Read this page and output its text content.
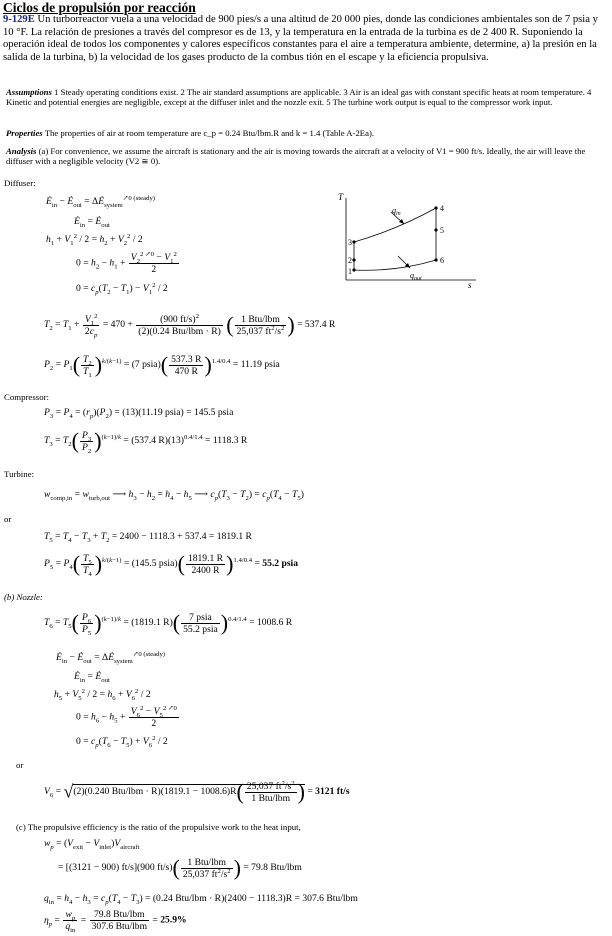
Ciclos de propulsión por reacción
9-129E Un turborreactor vuela a una velocidad de 900 pies/s a una altitud de 20 000 pies, donde las condiciones ambientales son de 7 psia y 10 °F. La relación de presiones a través del compresor es de 13, y la temperatura en la entrada de la turbina es de 2 400 R. Suponiendo la operación ideal de todos los componentes y calores específicos constantes para el aire a temperatura ambiente, determine, a) la presión en la salida de la turbina, b) la velocidad de los gases producto de la combus tión en el escape y la eficiencia propulsiva.
Assumptions 1 Steady operating conditions exist. 2 The air standard assumptions are applicable. 3 Air is an ideal gas with constant specific heats at room temperature. 4 Kinetic and potential energies are negligible, except at the diffuser inlet and the nozzle exit. 5 The turbine work output is equal to the compressor work input.
Properties The properties of air at room temperature are c_p = 0.24 Btu/lbm.R and k = 1.4 (Table A-2Ea).
Analysis (a) For convenience, we assume the aircraft is stationary and the air is moving towards the aircraft at a velocity of V1 = 900 ft/s. Ideally, the air will leave the diffuser with a negligible velocity (V2 ≅ 0).
Diffuser:
$Ė_{in}$ − $Ė_{out}$ = $\Delta Ė_{system}^{↗0 (steady)}$
$Ė_{in}$ = $Ė_{out}$
$h_1 + V_1^2 / 2 = h_2 + V_2^2 / 2$
$0 = h_2 - h_1 + \frac{V_2^{2 ↗0} - V_1^2}{2}$
$0 = c_p(T_2 - T_1) - V_1^2 / 2$
T
s
1
2
3
4
5
6
$q_{in}$
$q_{out}$
$T_2 = T_1 + \frac{V_1^2}{2c_p} = 470 + \frac{(900 ft/s)^2}{\text{(2)(0.24 Btu/lbm · R)}}$ ( $\frac{\text{1 Btu/lbm}}{25,037 ft^2/s^2}$ ) = 537.4 R
$P_2 = P_1( \frac{T_2}{T_1} )^{k/(k-1)} = (7$ psia)( $\frac{537.3 R}{470 R} )^{1.4/0.4} = 11.19$ psia
Compressor:
$P_3 = P_4 = (r_p)(P_2) = (13)(11.19$ psia) = 145.5 psia
$T_3 = T_2( \frac{P_3}{P_2} )^{(k-1)/k} = (537.4$ $R)(13)^{0.4/1.4} = 1118.3$ R
Turbine:
$w_{comp,in} = w_{turb,out}$ ⟶ $h_3 - h_2 = h_4 - h_5$ ⟶ $c_p(T_3 - T_2) = c_p(T_4 - T_5)$
or
$T_5 = T_4 - T_3 + T_2 = 2400 - 1118.3 + 537.4 = 1819.1$ R
$P_5 = P_4( \frac{T_5}{T_4} )^{k/(k-1)} = (145.5$ psia)( $\frac{1819.1 R}{2400 R} )^{1.4/0.4} = 55.2$ psia
(b) Nozzle:
$T_6 = T_5( \frac{P_6}{P_5} )^{(k-1)/k} = (1819.1$ $R)( \frac{\text{7 psia}}{\text{55.2 psia}} )^{0.4/1.4} = 1008.6$ R
$Ė_{in}$ − $Ė_{out}$ = $\Delta Ė_{system}^{↗0 (steady)}$
$Ė_{in}$ = $Ė_{out}$
$h_5 + V_5^2 / 2 = h_6 + V_6^2 / 2$
$0 = h_6 - h_5 + \frac{V_6^2 - V_5^{2 ↗0}}{2}$
$0 = c_p(T_6 - T_5) + V_6^2 / 2$
or
$V_6 = √(2)(0.240$ $Btu/lbm \cdot R)(1819.1 - 1008.6)R( \frac{25,037 ft^2/s^2}{\text{1 Btu/lbm}}$ ) = 3121 ft/s
(c) The propulsive efficiency is the ratio of the propulsive work to the heat input,
$w_p = (V_{exit} - V_{inlet})V_{aircraft}$
= [(3121 − 900) ft/s](900 $ft/s)( \frac{\text{1 Btu/lbm}}{25,037 ft^2/s^2}$ ) = 79.8 Btu/lbm
$q_{in} = h_4 - h_3 = c_p(T_4 - T_3) = (0.24$ Btu/lbm · R)(2400 − 1118.3)R = 307.6 Btu/lbm
$\eta_p = \frac{w_p}{q_{in}} = \frac{\text{79.8 Btu/lbm}}{\text{307.6 Btu/lbm}} = 25.9\%$
